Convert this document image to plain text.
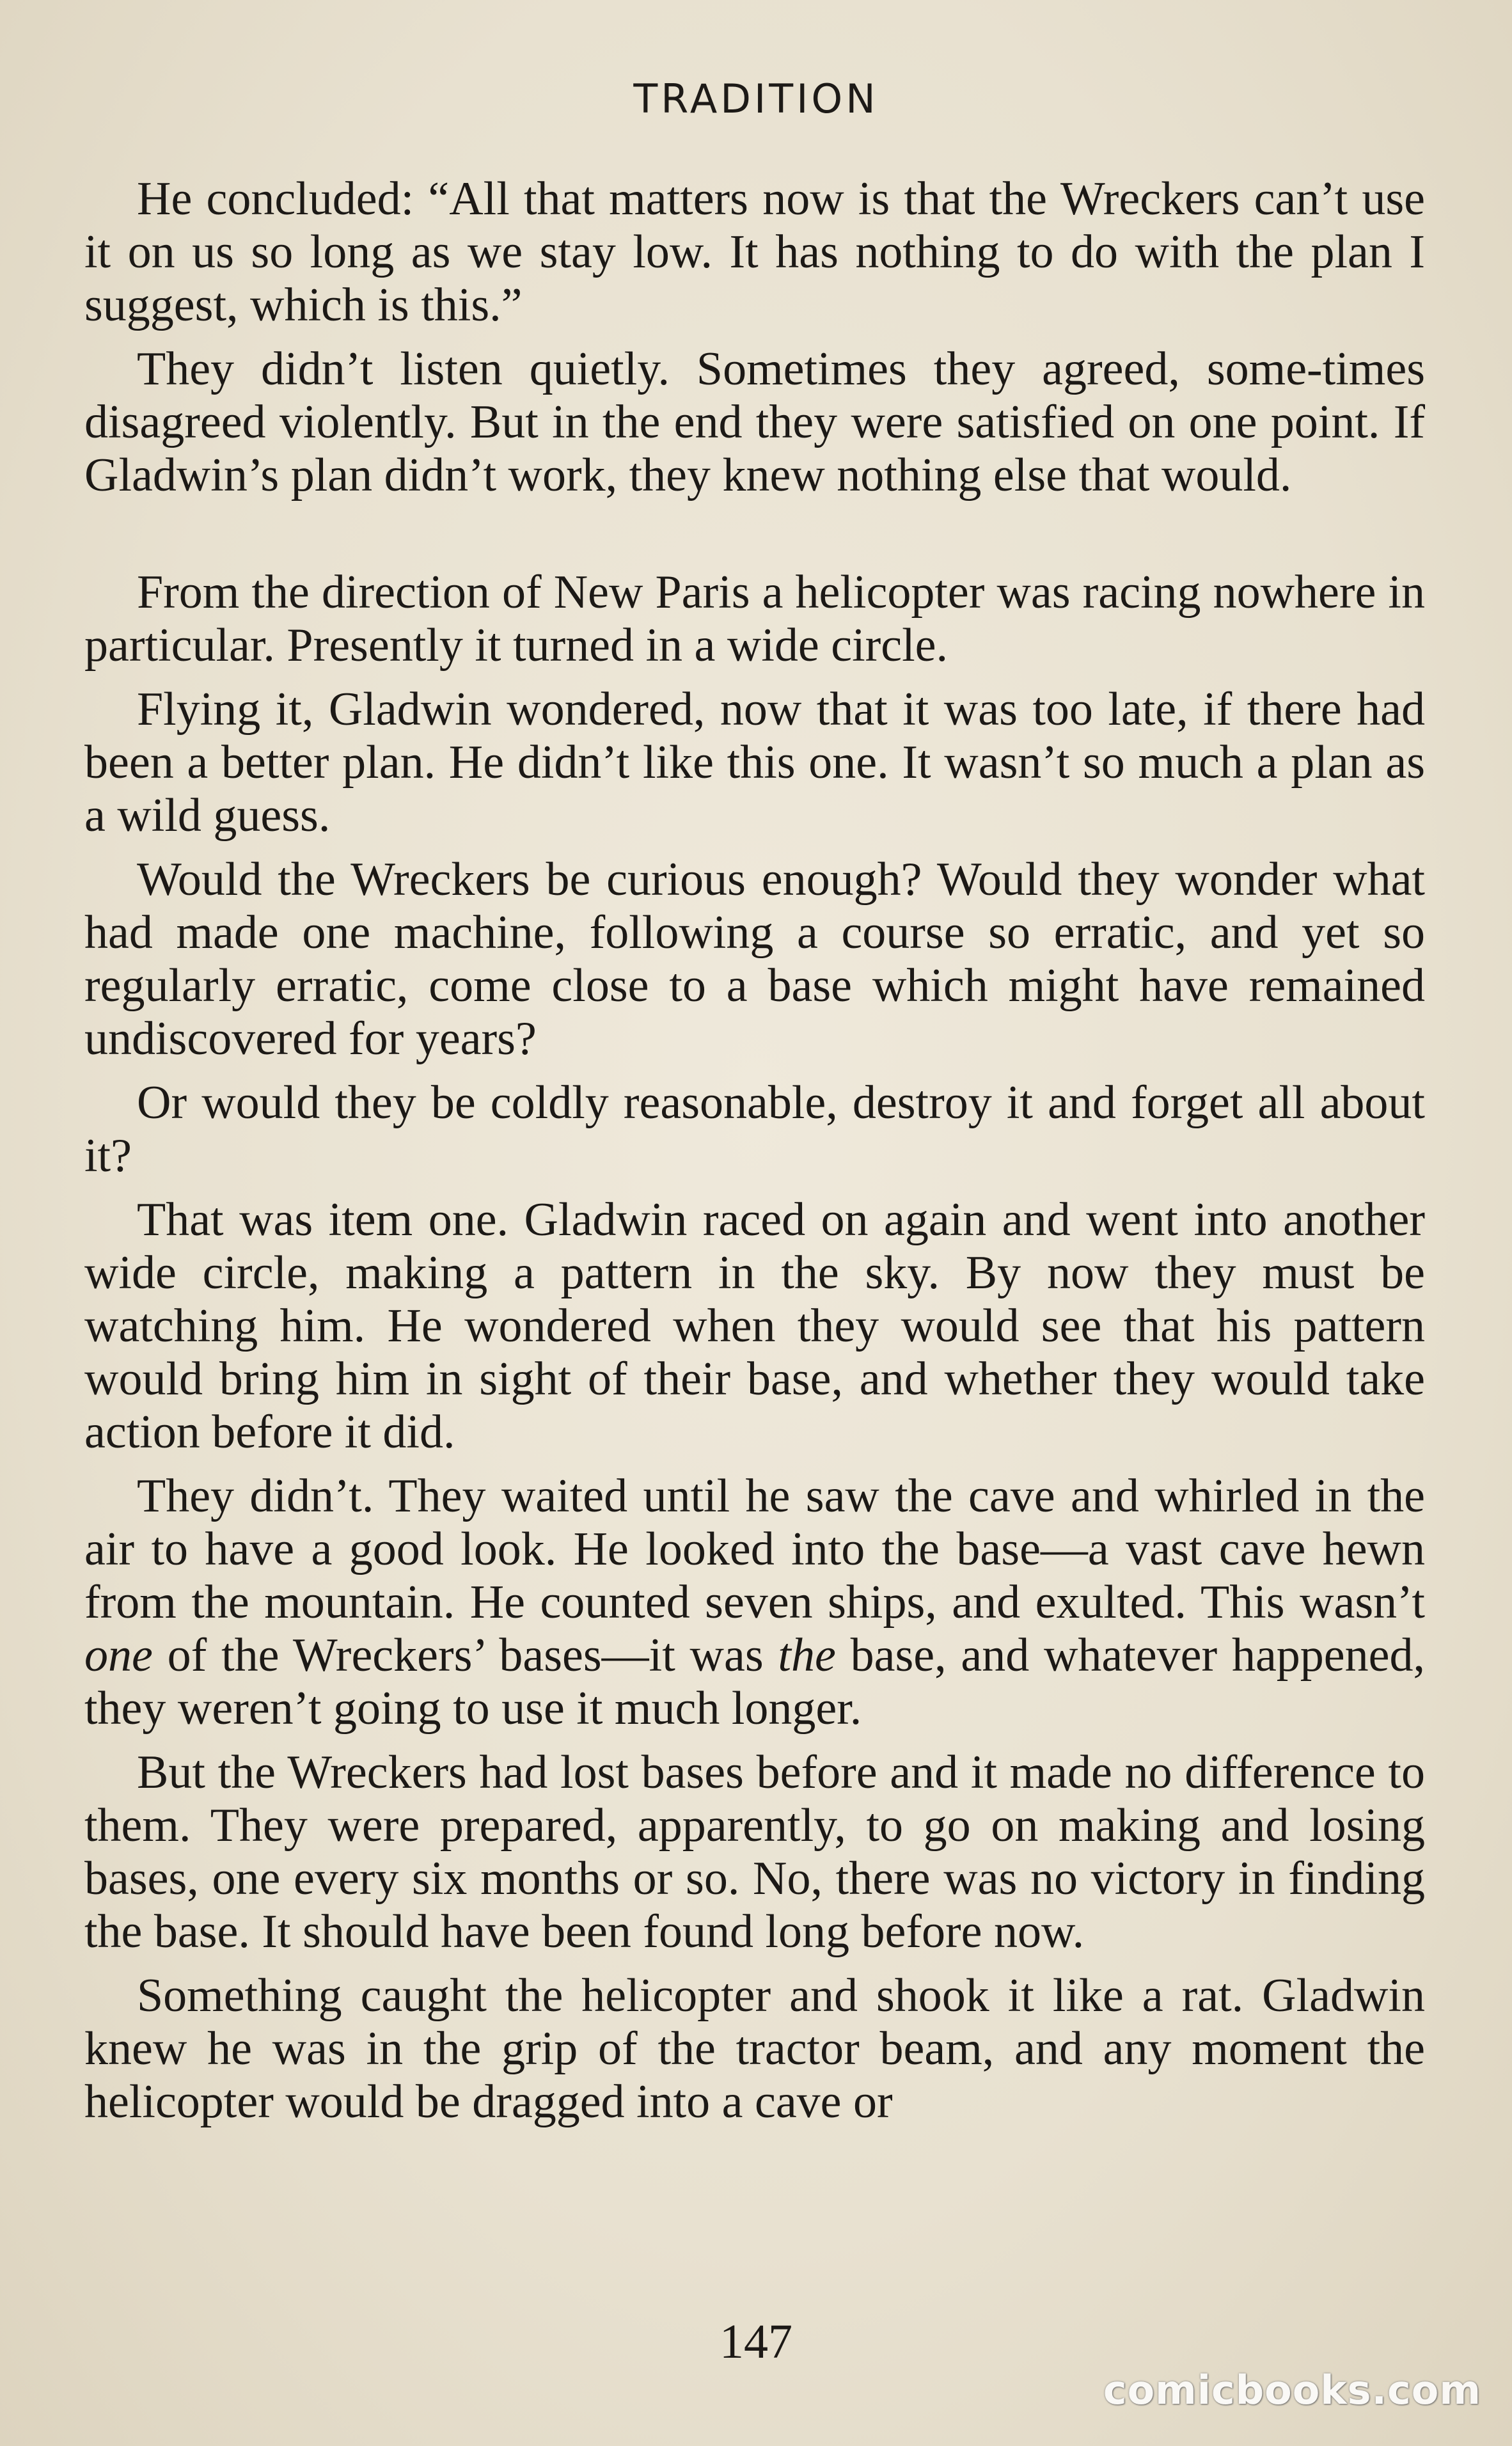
TRADITION

He concluded: “All that matters now is that the Wreckers can’t use it on us so long as we stay low. It has nothing to do with the plan I suggest, which is this.”

They didn’t listen quietly. Sometimes they agreed, some-times disagreed violently. But in the end they were satisfied on one point. If Gladwin’s plan didn’t work, they knew nothing else that would.

From the direction of New Paris a helicopter was racing nowhere in particular. Presently it turned in a wide circle.

Flying it, Gladwin wondered, now that it was too late, if there had been a better plan. He didn’t like this one. It wasn’t so much a plan as a wild guess.

Would the Wreckers be curious enough? Would they wonder what had made one machine, following a course so erratic, and yet so regularly erratic, come close to a base which might have remained undiscovered for years?

Or would they be coldly reasonable, destroy it and forget all about it?

That was item one. Gladwin raced on again and went into another wide circle, making a pattern in the sky. By now they must be watching him. He wondered when they would see that his pattern would bring him in sight of their base, and whether they would take action before it did.

They didn’t. They waited until he saw the cave and whirled in the air to have a good look. He looked into the base—a vast cave hewn from the mountain. He counted seven ships, and exulted. This wasn’t one of the Wreckers’ bases—it was the base, and whatever happened, they weren’t going to use it much longer.

But the Wreckers had lost bases before and it made no difference to them. They were prepared, apparently, to go on making and losing bases, one every six months or so. No, there was no victory in finding the base. It should have been found long before now.

Something caught the helicopter and shook it like a rat. Gladwin knew he was in the grip of the tractor beam, and any moment the helicopter would be dragged into a cave or

147
comicbooks.com
